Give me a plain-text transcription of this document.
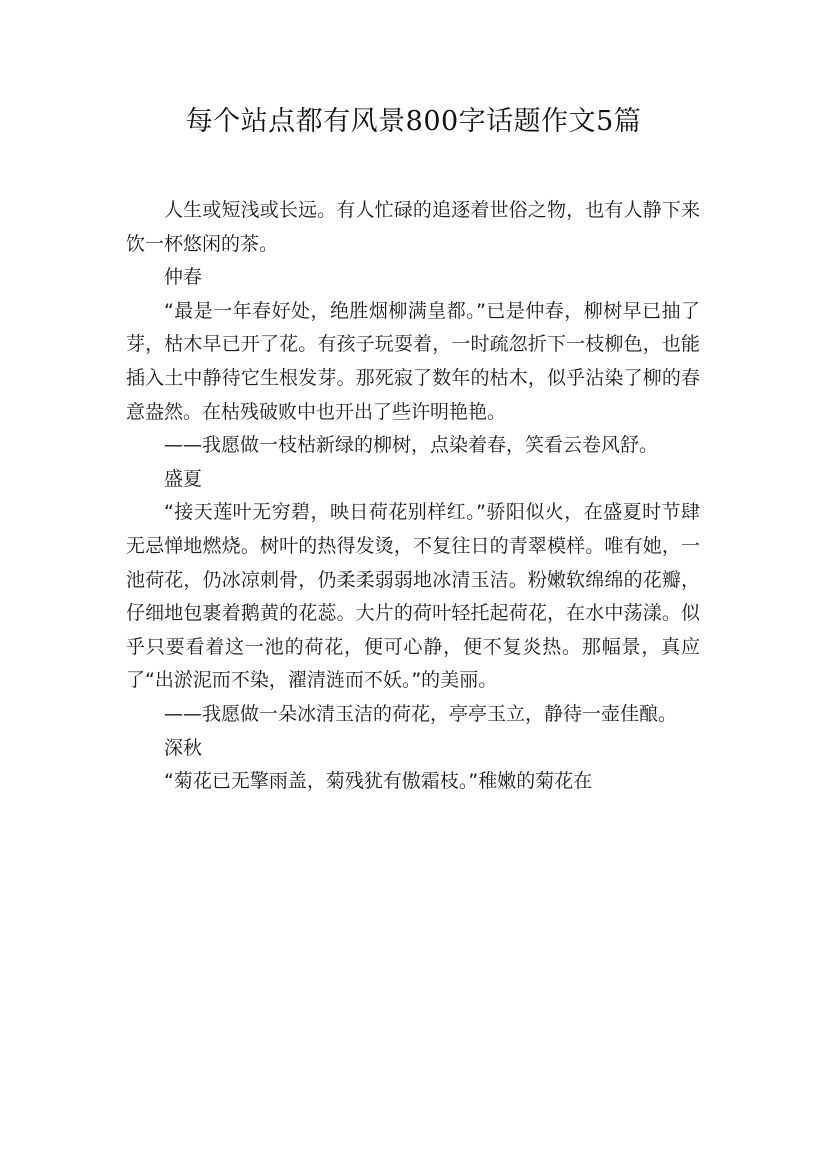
每个站点都有风景800字话题作文5篇

人生或短浅或长远。有人忙碌的追逐着世俗之物，也有人静下来饮一杯悠闲的茶。

仲春

“最是一年春好处，绝胜烟柳满皇都。”已是仲春，柳树早已抽了芽，枯木早已开了花。有孩子玩耍着，一时疏忽折下一枝柳色，也能插入土中静待它生根发芽。那死寂了数年的枯木，似乎沾染了柳的春意盎然。在枯残破败中也开出了些许明艳艳。

——我愿做一枝枯新绿的柳树，点染着春，笑看云卷风舒。

盛夏

“接天莲叶无穷碧，映日荷花别样红。”骄阳似火，在盛夏时节肆无忌惮地燃烧。树叶的热得发烫，不复往日的青翠模样。唯有她，一池荷花，仍冰凉刺骨，仍柔柔弱弱地冰清玉洁。粉嫩软绵绵的花瓣，仔细地包裹着鹅黄的花蕊。大片的荷叶轻托起荷花，在水中荡漾。似乎只要看着这一池的荷花，便可心静，便不复炎热。那幅景，真应了“出淤泥而不染，濯清涟而不妖。”的美丽。

——我愿做一朵冰清玉洁的荷花，亭亭玉立，静待一壶佳酿。

深秋

“菊花已无擎雨盖，菊残犹有傲霜枝。”稚嫩的菊花在
